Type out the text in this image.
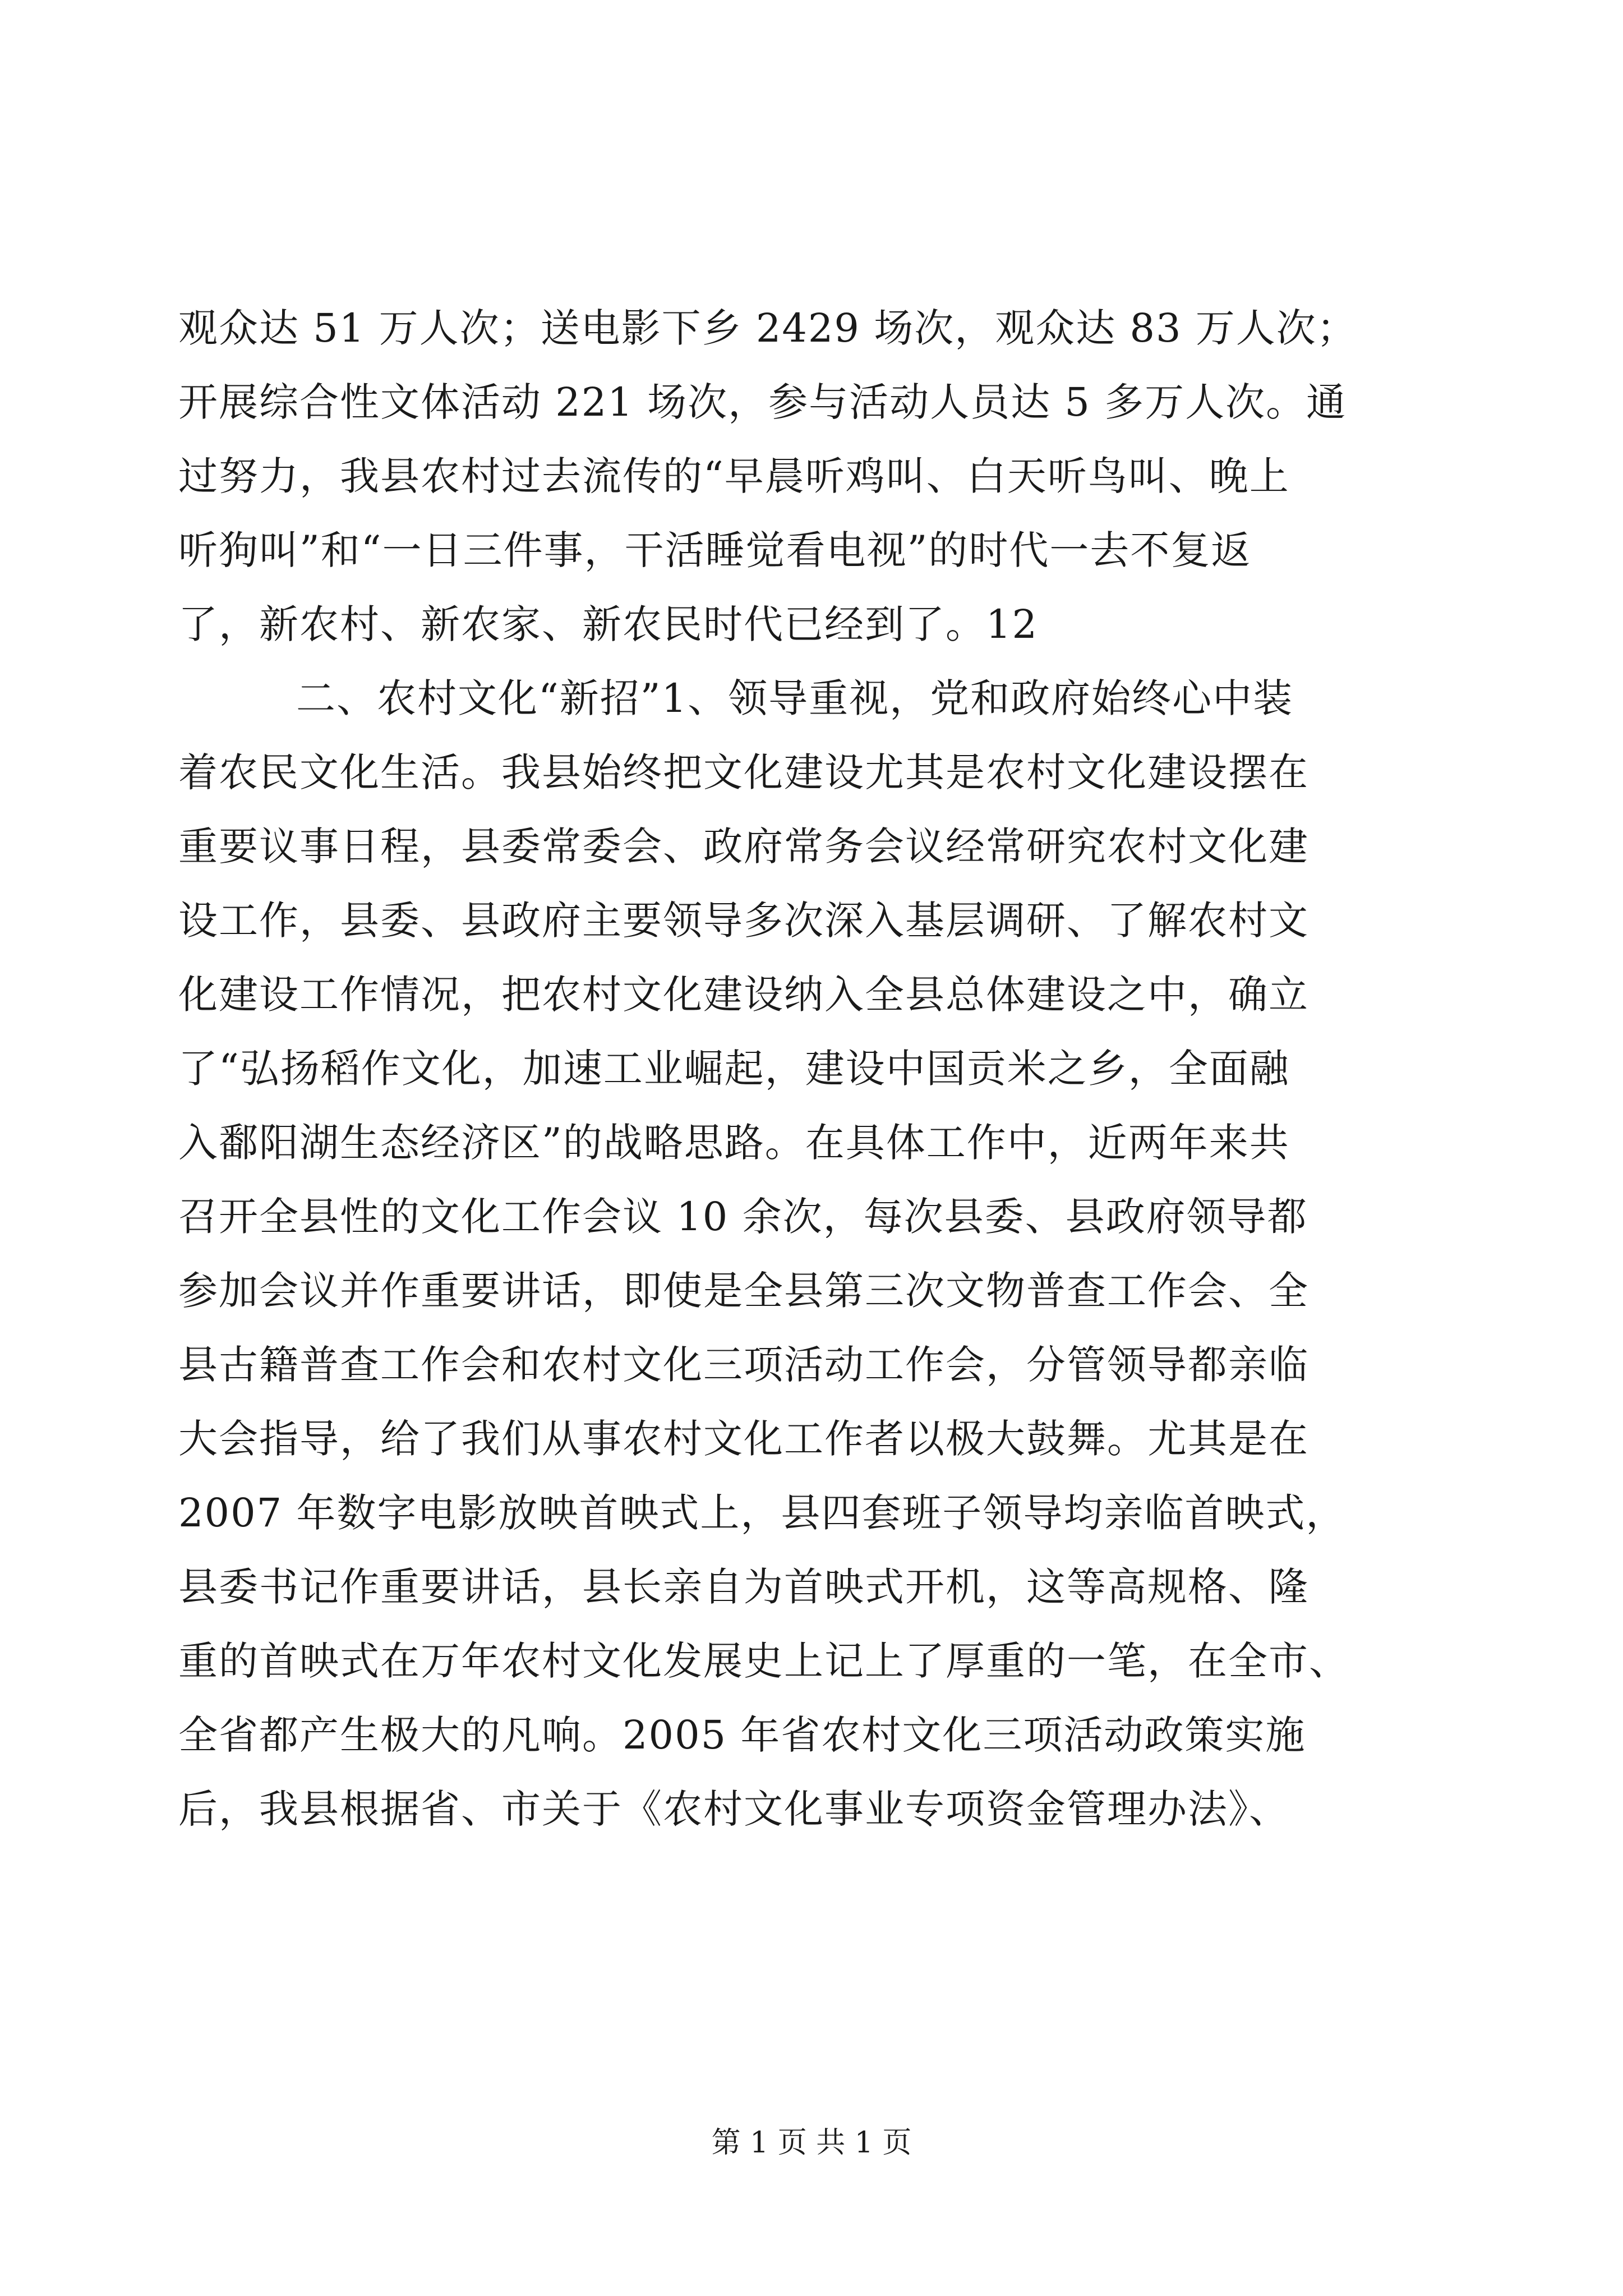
观众达 51 万人次；送电影下乡 2429 场次，观众达 83 万人次；
开展综合性文体活动 221 场次，参与活动人员达 5 多万人次。通
过努力，我县农村过去流传的“早晨听鸡叫、白天听鸟叫、晚上
听狗叫”和“一日三件事，干活睡觉看电视”的时代一去不复返
了，新农村、新农家、新农民时代已经到了。12
二、农村文化“新招”1、领导重视，党和政府始终心中装
着农民文化生活。我县始终把文化建设尤其是农村文化建设摆在
重要议事日程，县委常委会、政府常务会议经常研究农村文化建
设工作，县委、县政府主要领导多次深入基层调研、了解农村文
化建设工作情况，把农村文化建设纳入全县总体建设之中，确立
了“弘扬稻作文化，加速工业崛起，建设中国贡米之乡，全面融
入鄱阳湖生态经济区”的战略思路。在具体工作中，近两年来共
召开全县性的文化工作会议 10 余次，每次县委、县政府领导都
参加会议并作重要讲话，即使是全县第三次文物普查工作会、全
县古籍普查工作会和农村文化三项活动工作会，分管领导都亲临
大会指导，给了我们从事农村文化工作者以极大鼓舞。尤其是在
2007 年数字电影放映首映式上，县四套班子领导均亲临首映式，
县委书记作重要讲话，县长亲自为首映式开机，这等高规格、隆
重的首映式在万年农村文化发展史上记上了厚重的一笔，在全市、
全省都产生极大的凡响。2005 年省农村文化三项活动政策实施
后，我县根据省、市关于《农村文化事业专项资金管理办法》、
第 1 页 共 1 页
